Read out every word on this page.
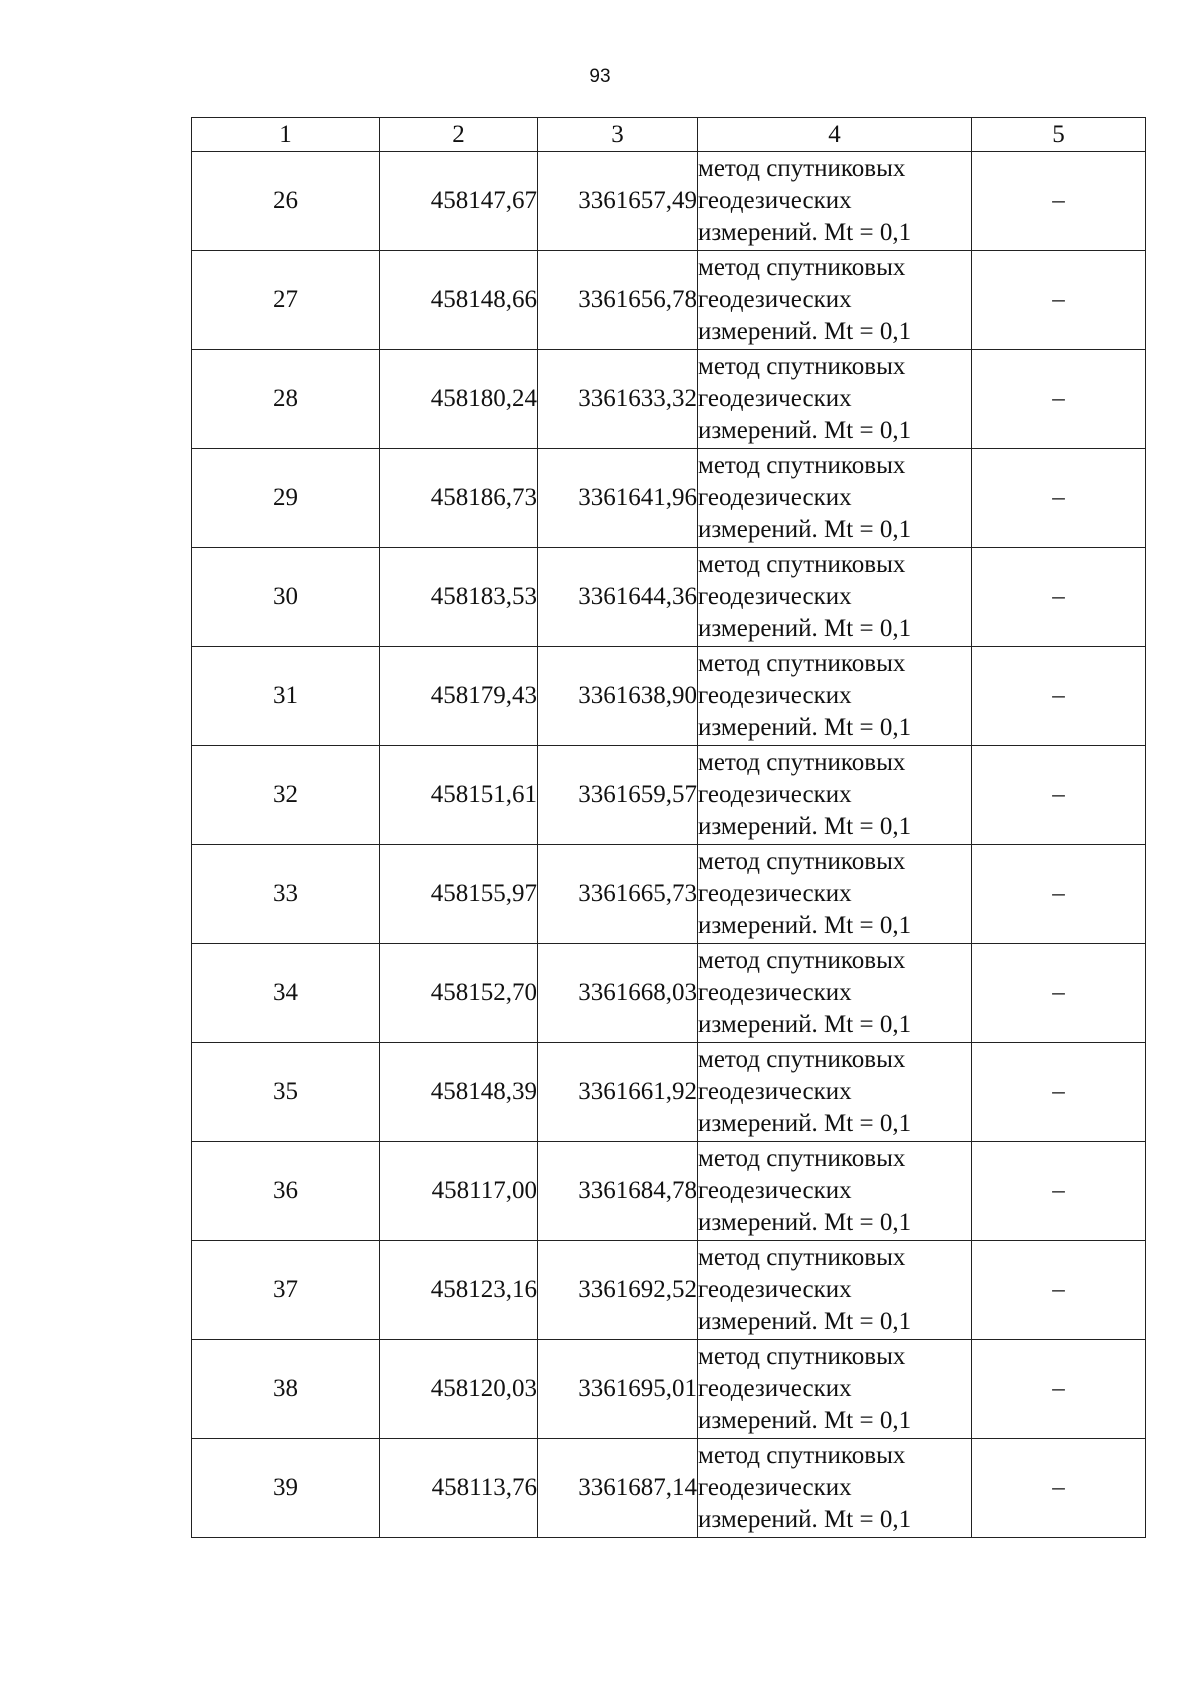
93
1	2	3	4	5
26	458147,67	3361657,49	метод спутниковых
геодезических
измерений. Mt = 0,1	–
27	458148,66	3361656,78	метод спутниковых
геодезических
измерений. Mt = 0,1	–
28	458180,24	3361633,32	метод спутниковых
геодезических
измерений. Mt = 0,1	–
29	458186,73	3361641,96	метод спутниковых
геодезических
измерений. Mt = 0,1	–
30	458183,53	3361644,36	метод спутниковых
геодезических
измерений. Mt = 0,1	–
31	458179,43	3361638,90	метод спутниковых
геодезических
измерений. Mt = 0,1	–
32	458151,61	3361659,57	метод спутниковых
геодезических
измерений. Mt = 0,1	–
33	458155,97	3361665,73	метод спутниковых
геодезических
измерений. Mt = 0,1	–
34	458152,70	3361668,03	метод спутниковых
геодезических
измерений. Mt = 0,1	–
35	458148,39	3361661,92	метод спутниковых
геодезических
измерений. Mt = 0,1	–
36	458117,00	3361684,78	метод спутниковых
геодезических
измерений. Mt = 0,1	–
37	458123,16	3361692,52	метод спутниковых
геодезических
измерений. Mt = 0,1	–
38	458120,03	3361695,01	метод спутниковых
геодезических
измерений. Mt = 0,1	–
39	458113,76	3361687,14	метод спутниковых
геодезических
измерений. Mt = 0,1	–
